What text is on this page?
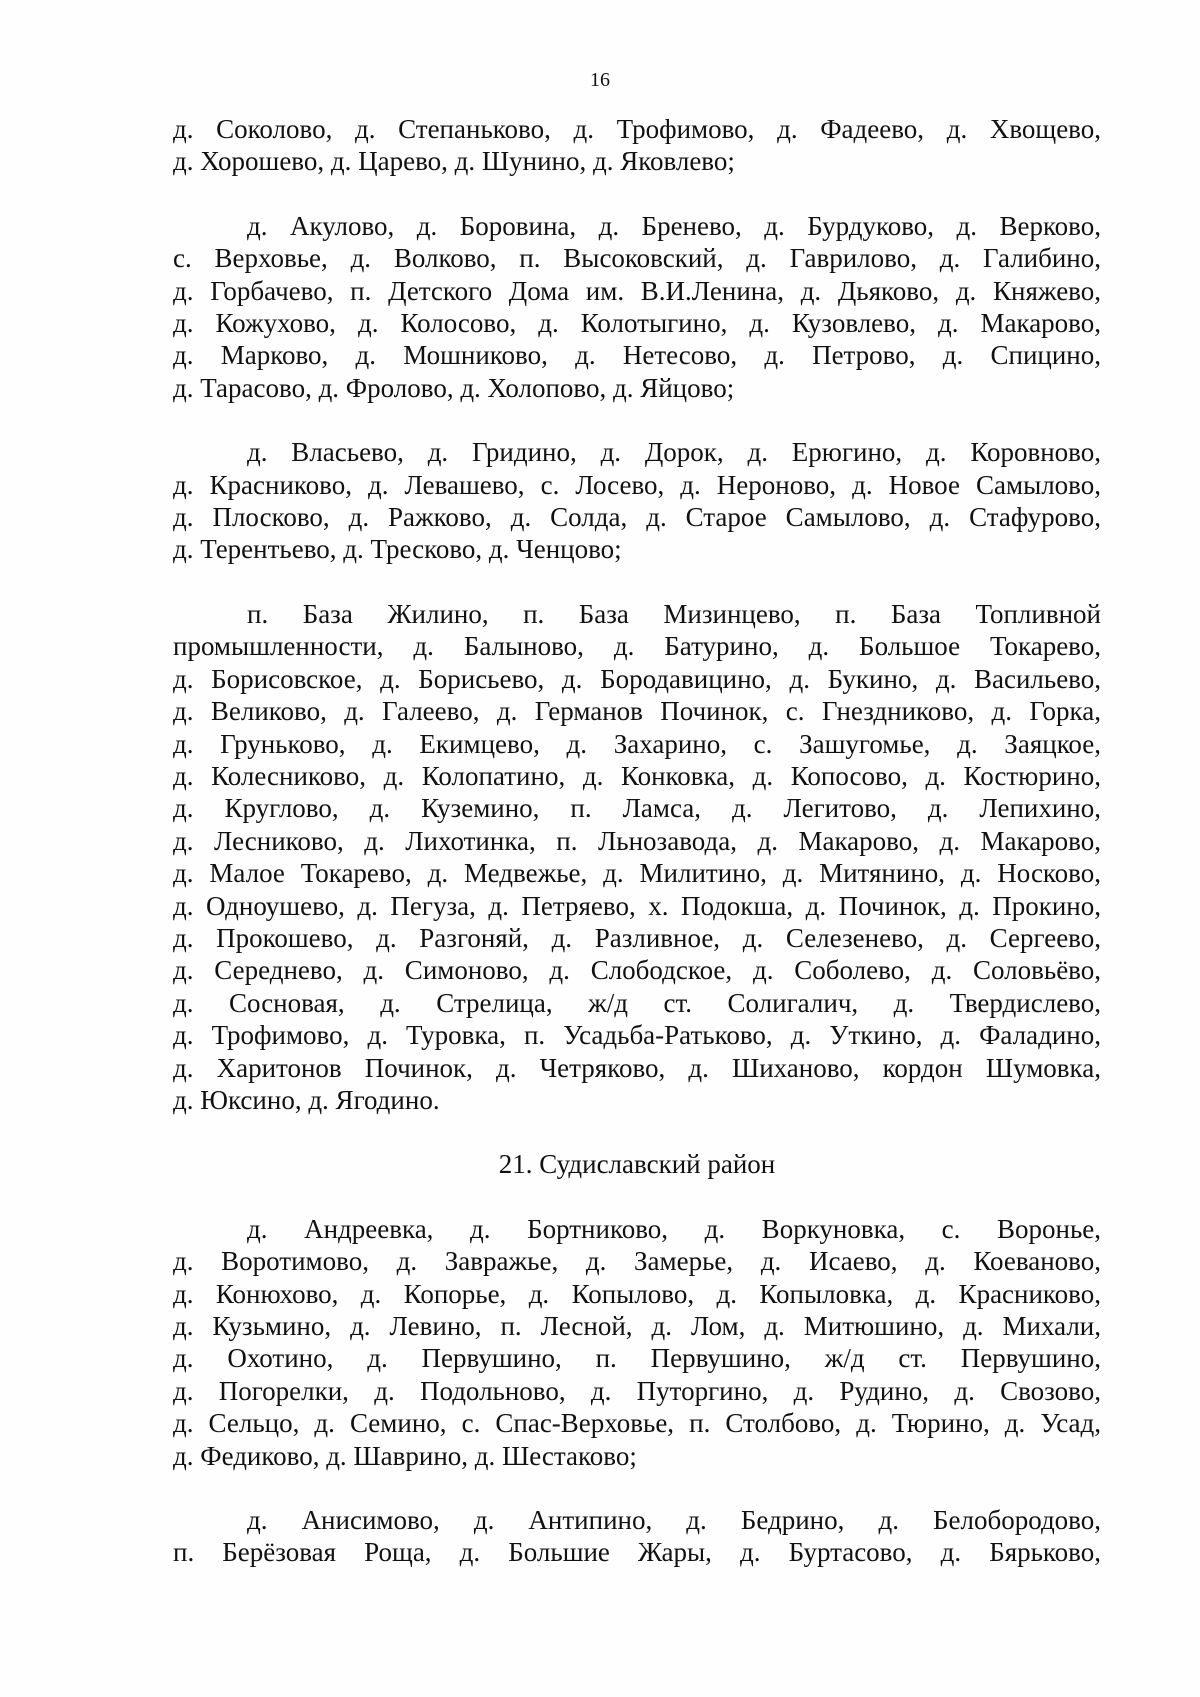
16
д. Соколово, д. Степаньково, д. Трофимово, д. Фадеево, д. Хвощево,
д. Хорошево, д. Царево, д. Шунино, д. Яковлево;
д. Акулово, д. Боровина, д. Бренево, д. Бурдуково, д. Верково,
с. Верховье, д. Волково, п. Высоковский, д. Гаврилово, д. Галибино,
д. Горбачево, п. Детского Дома им. В.И.Ленина, д. Дьяково, д. Княжево,
д. Кожухово, д. Колосово, д. Колотыгино, д. Кузовлево, д. Макарово,
д. Марково, д. Мошниково, д. Нетесово, д. Петрово, д. Спицино,
д. Тарасово, д. Фролово, д. Холопово, д. Яйцово;
д. Власьево, д. Гридино, д. Дорок, д. Ерюгино, д. Коровново,
д. Красниково, д. Левашево, с. Лосево, д. Нероново, д. Новое Самылово,
д. Плосково, д. Ражково, д. Солда, д. Старое Самылово, д. Стафурово,
д. Терентьево, д. Тресково, д. Ченцово;
п. База Жилино, п. База Мизинцево, п. База Топливной
промышленности, д. Балыново, д. Батурино, д. Большое Токарево,
д. Борисовское, д. Борисьево, д. Бородавицино, д. Букино, д. Васильево,
д. Великово, д. Галеево, д. Германов Починок, с. Гнездниково, д. Горка,
д. Груньково, д. Екимцево, д. Захарино, с. Зашугомье, д. Заяцкое,
д. Колесниково, д. Колопатино, д. Конковка, д. Копосово, д. Костюрино,
д. Круглово, д. Куземино, п. Ламса, д. Легитово, д. Лепихино,
д. Лесниково, д. Лихотинка, п. Льнозавода, д. Макарово, д. Макарово,
д. Малое Токарево, д. Медвежье, д. Милитино, д. Митянино, д. Носково,
д. Одноушево, д. Пегуза, д. Петряево, х. Подокша, д. Починок, д. Прокино,
д. Прокошево, д. Разгоняй, д. Разливное, д. Селезенево, д. Сергеево,
д. Середнево, д. Симоново, д. Слободское, д. Соболево, д. Соловьёво,
д. Сосновая, д. Стрелица, ж/д ст. Солигалич, д. Твердислево,
д. Трофимово, д. Туровка, п. Усадьба-Ратьково, д. Уткино, д. Фаладино,
д. Харитонов Починок, д. Четряково, д. Шиханово, кордон Шумовка,
д. Юксино, д. Ягодино.
21. Судиславский район
д. Андреевка, д. Бортниково, д. Воркуновка, с. Воронье,
д. Воротимово, д. Завражье, д. Замерье, д. Исаево, д. Коеваново,
д. Конюхово, д. Копорье, д. Копылово, д. Копыловка, д. Красниково,
д. Кузьмино, д. Левино, п. Лесной, д. Лом, д. Митюшино, д. Михали,
д. Охотино, д. Первушино, п. Первушино, ж/д ст. Первушино,
д. Погорелки, д. Подольново, д. Путоргино, д. Рудино, д. Свозово,
д. Сельцо, д. Семино, с. Спас-Верховье, п. Столбово, д. Тюрино, д. Усад,
д. Федиково, д. Шаврино, д. Шестаково;
д. Анисимово, д. Антипино, д. Бедрино, д. Белобородово,
п. Берёзовая Роща, д. Большие Жары, д. Буртасово, д. Бярьково,
